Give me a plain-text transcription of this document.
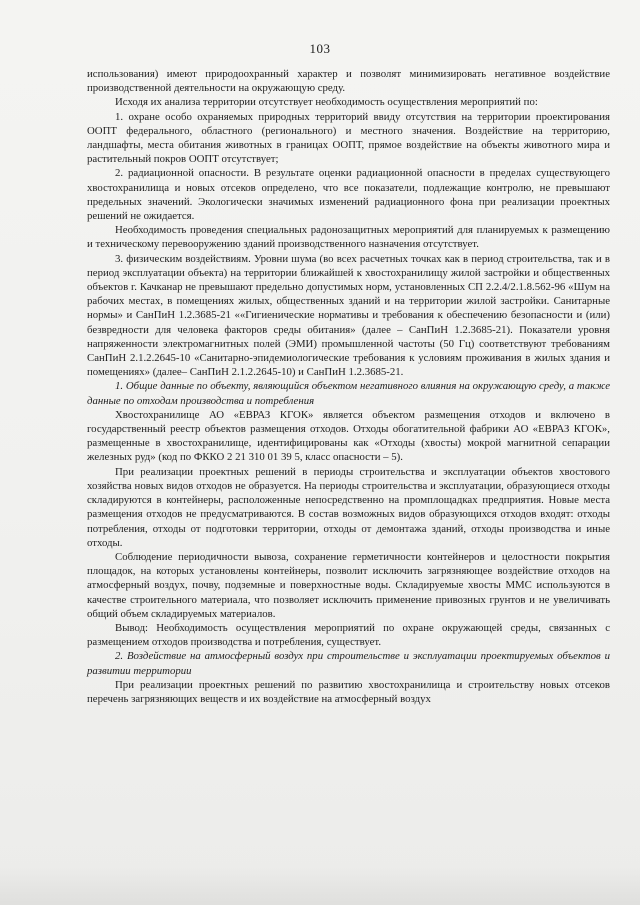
103

использования) имеют природоохранный характер и позволят минимизировать негативное воздействие производственной деятельности на окружающую среду.

Исходя их анализа территории отсутствует необходимость осуществления мероприятий по:

1. охране особо охраняемых природных территорий ввиду отсутствия на территории проектирования ООПТ федерального, областного (регионального) и местного значения. Воздействие на территорию, ландшафты, места обитания животных в границах ООПТ, прямое воздействие на объекты животного мира и растительный покров ООПТ отсутствует;

2. радиационной опасности. В результате оценки радиационной опасности в пределах существующего хвостохранилища и новых отсеков определено, что все показатели, подлежащие контролю, не превышают предельных значений. Экологически значимых изменений радиационного фона при реализации проектных решений не ожидается.

Необходимость проведения специальных радонозащитных мероприятий для планируемых к размещению и техническому перевооружению зданий производственного назначения отсутствует.

3. физическим воздействиям. Уровни шума (во всех расчетных точках как в период строительства, так и в период эксплуатации объекта) на территории ближайшей к хвостохранилищу жилой застройки и общественных объектов г. Качканар не превышают предельно допустимых норм, установленных СП 2.2.4/2.1.8.562-96 «Шум на рабочих местах, в помещениях жилых, общественных зданий и на территории жилой застройки. Санитарные нормы» и СанПиН 1.2.3685-21 ««Гигиенические нормативы и требования к обеспечению безопасности и (или) безвредности для человека факторов среды обитания» (далее – СанПиН 1.2.3685-21). Показатели уровня напряженности электромагнитных полей (ЭМИ) промышленной частоты (50 Гц) соответствуют требованиям СанПиН 2.1.2.2645-10 «Санитарно-эпидемиологические требования к условиям проживания в жилых здания и помещениях» (далее– СанПиН 2.1.2.2645-10) и СанПиН 1.2.3685-21.

1. Общие данные по объекту, являющийся объектом негативного влияния на окружающую среду, а также данные по отходам производства и потребления

Хвостохранилище АО «ЕВРАЗ КГОК» является объектом размещения отходов и включено в государственный реестр объектов размещения отходов. Отходы обогатительной фабрики АО «ЕВРАЗ КГОК», размещенные в хвостохранилище, идентифицированы как «Отходы (хвосты) мокрой магнитной сепарации железных руд» (код по ФККО 2 21 310 01 39 5, класс опасности – 5).

При реализации проектных решений в периоды строительства и эксплуатации объектов хвостового хозяйства новых видов отходов не образуется. На периоды строительства и эксплуатации, образующиеся отходы складируются в контейнеры, расположенные непосредственно на промплощадках предприятия. Новые места размещения отходов не предусматриваются. В состав возможных видов образующихся отходов входят: отходы потребления, отходы от подготовки территории, отходы от демонтажа зданий, отходы производства и иные отходы.

Соблюдение периодичности вывоза, сохранение герметичности контейнеров и целостности покрытия площадок, на которых установлены контейнеры, позволит исключить загрязняющее воздействие отходов на атмосферный воздух, почву, подземные и поверхностные воды. Складируемые хвосты ММС используются в качестве строительного материала, что позволяет исключить применение привозных грунтов и не увеличивать общий объем складируемых материалов.

Вывод: Необходимость осуществления мероприятий по охране окружающей среды, связанных с размещением отходов производства и потребления, существует.

2. Воздействие на атмосферный воздух при строительстве и эксплуатации проектируемых объектов и развитии территории

При реализации проектных решений по развитию хвостохранилища и строительству новых отсеков перечень загрязняющих веществ и их воздействие на атмосферный воздух
